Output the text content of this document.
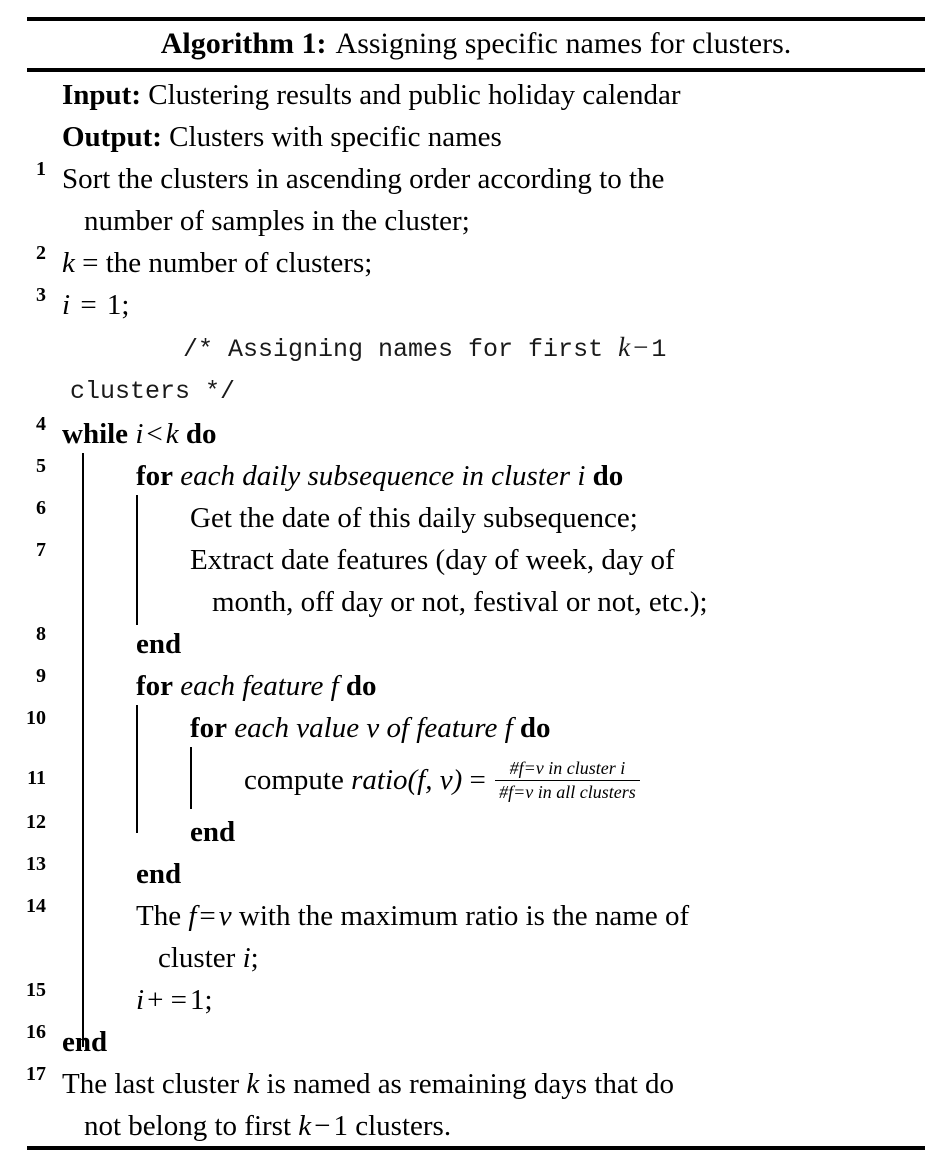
Algorithm 1: Assigning specific names for clusters.
Input: Clustering results and public holiday calendar
Output: Clusters with specific names
1 Sort the clusters in ascending order according to the
number of samples in the cluster;
2 k = the number of clusters;
3 i = 1;
/* Assigning names for first k − 1
clusters */
4 while i < k do
5	for each daily subsequence in cluster i do
6	Get the date of this daily subsequence;
7	Extract date features (day of week, day of
month, off day or not, festival or not, etc.);
8	end
9	for each feature f do
10	for each value v of feature f do
11	compute ratio(f, $v) = \frac{\text{\#f=v in cluster i}}{\text{\#f=v in all clusters}}$
12	end
13	end
14	The f = v with the maximum ratio is the name of
cluster i;
15	i + = 1;
16 end
17 The last cluster k is named as remaining days that do
not belong to first k − 1 clusters.
